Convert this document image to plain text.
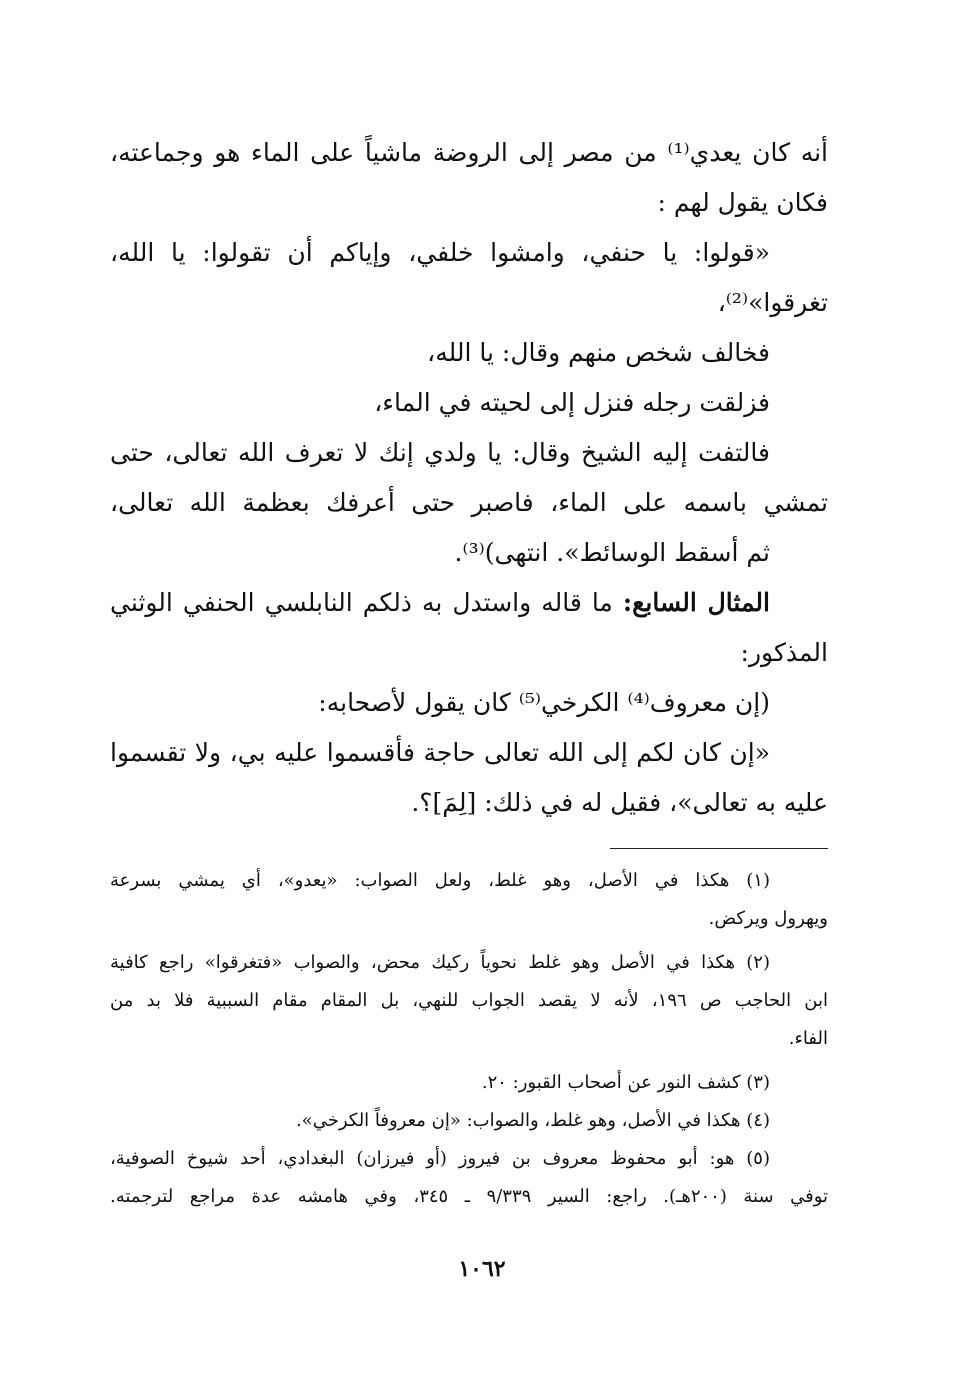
أنه كان يعدي⁽¹⁾ من مصر إلى الروضة ماشياً على الماء هو وجماعته،
فكان يقول لهم :
«قولوا: يا حنفي، وامشوا خلفي، وإياكم أن تقولوا: يا الله،
تغرقوا»⁽²⁾،
فخالف شخص منهم وقال: يا الله،
فزلقت رجله فنزل إلى لحيته في الماء،
فالتفت إليه الشيخ وقال: يا ولدي إنك لا تعرف الله تعالى، حتى
تمشي باسمه على الماء، فاصبر حتى أعرفك بعظمة الله تعالى،
ثم أسقط الوسائط». انتهى)⁽³⁾.
المثال السابع: ما قاله واستدل به ذلكم النابلسي الحنفي الوثني
المذكور:
(إن معروف⁽⁴⁾ الكرخي⁽⁵⁾ كان يقول لأصحابه:
«إن كان لكم إلى الله تعالى حاجة فأقسموا عليه بي، ولا تقسموا
عليه به تعالى»، فقيل له في ذلك: [لِمَ]؟.
(١) هكذا في الأصل، وهو غلط، ولعل الصواب: «يعدو»، أي يمشي بسرعة
ويهرول ويركض.
(٢) هكذا في الأصل وهو غلط نحوياً ركيك محض، والصواب «فتغرقوا» راجع كافية
ابن الحاجب ص ١٩٦، لأنه لا يقصد الجواب للنهي، بل المقام مقام السببية فلا بد من
الفاء.
(٣) كشف النور عن أصحاب القبور: ٢٠.
(٤) هكذا في الأصل، وهو غلط، والصواب: «إن معروفاً الكرخي».
(٥) هو: أبو محفوظ معروف بن فيروز (أو فيرزان) البغدادي، أحد شيوخ الصوفية،
توفي سنة (٢٠٠هـ). راجع: السير ٩/٣٣٩ ـ ٣٤٥، وفي هامشه عدة مراجع لترجمته.
١٠٦٢
